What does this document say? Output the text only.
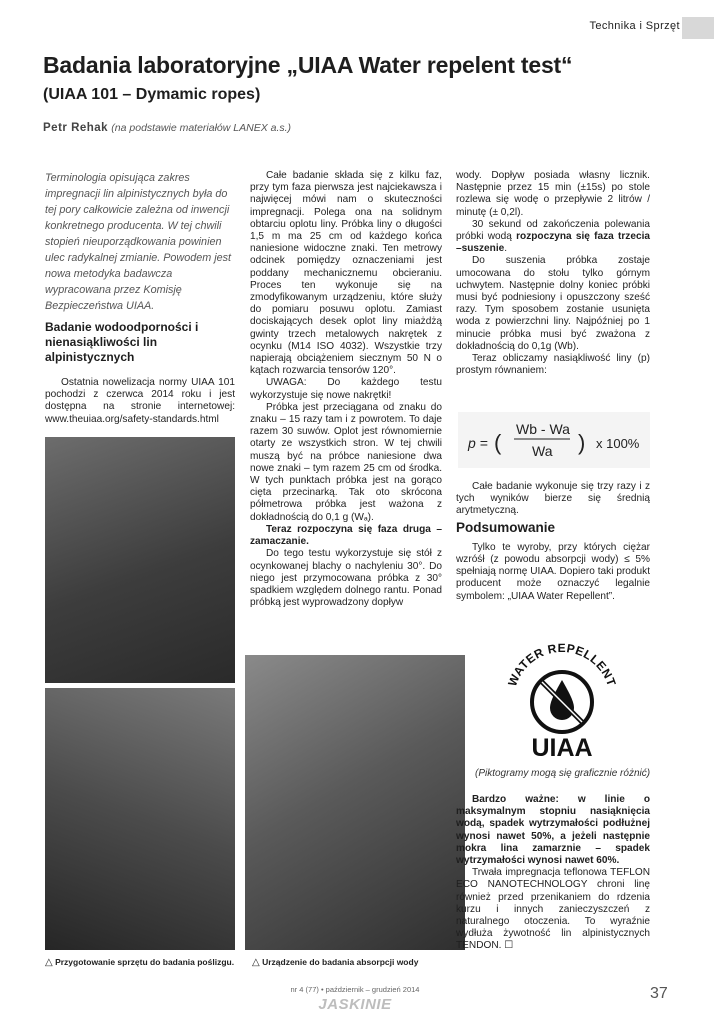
Technika i Sprzęt
Badania laboratoryjne „UIAA Water repelent test“
(UIAA 101 – Dymamic ropes)
Petr Rehak (na podstawie materiałów LANEX a.s.)

Terminologia opisująca zakres impregnacji lin alpinistycznych była do tej pory całkowicie zależna od inwencji konkretnego producenta. W tej chwili stopień nieuporządkowania powinien ulec radykalnej zmianie. Powodem jest nowa metodyka badawcza wypracowana przez Komisję Bezpieczeństwa UIAA.

Badanie wodoodporności i nienasiąkliwości lin alpinistycznych

Ostatnia nowelizacja normy UIAA 101 pochodzi z czerwca 2014 roku i jest dostępna na stronie internetowej: www.theuiaa.org/safety-standards.html

△ Przygotowanie sprzętu do badania poślizgu. △ Urządzenie do badania absorpcji wody

Całe badanie składa się z kilku faz, przy tym faza pierwsza jest najciekawsza i najwięcej mówi nam o skuteczności impregnacji. Polega ona na solidnym obtarciu oplotu liny. Próbka liny o długości 1,5 m ma 25 cm od każdego końca naniesione widoczne znaki. Ten metrowy odcinek pomiędzy oznaczeniami jest poddany mechanicznemu obcieraniu. Proces ten wykonuje się na zmodyfikowanym urządzeniu, które służy do pomiaru posuwu oplotu. Zamiast dociskających desek oplot liny miażdżą gwinty trzech metalowych nakrętek z ocynku (M14 ISO 4032). Wszystkie trzy napierają obciążeniem siecznym 50 N o kątach rozwarcia tensorów 120°.

UWAGA: Do każdego testu wykorzystuje się nowe nakrętki!

Próbka jest przeciągana od znaku do znaku – 15 razy tam i z powrotem. To daje razem 30 suwów. Oplot jest równomiernie otarty ze wszystkich stron. W tej chwili muszą być na próbce naniesione dwa nowe znaki – tym razem 25 cm od środka. W tych punktach próbka jest na gorąco cięta przecinarką. Tak oto skrócona półmetrowa próbka jest ważona z dokładnością do 0,1 g (Wₐ).

Teraz rozpoczyna się faza druga – zamaczanie.

Do tego testu wykorzystuje się stół z ocynkowanej blachy o nachyleniu 30°. Do niego jest przymocowana próbka z 30° spadkiem względem dolnego rantu. Ponad próbką jest wyprowadzony dopływ

wody. Dopływ posiada własny licznik. Następnie przez 15 min (±15s) po stole rozlewa się wodę o przepływie 2 litrów / minutę (± 0,2l).

30 sekund od zakończenia polewania próbki wodą rozpoczyna się faza trzecia –suszenie.

Do suszenia próbka zostaje umocowana do stołu tylko górnym uchwytem. Następnie dolny koniec próbki musi być podniesiony i opuszczony sześć razy. Tym sposobem zostanie usunięta woda z powierzchni liny. Najpóźniej po 1 minucie próbka musi być zważona z dokładnością do 0,1g (Wb).

Teraz obliczamy nasiąkliwość liny (p) prostym równaniem:

p = (
Wb - Wa
Wa ) x 100%

Całe badanie wykonuje się trzy razy i z tych wyników bierze się średnią arytmetyczną.

Podsumowanie

Tylko te wyroby, przy których ciężar wzróśł (z powodu absorpcji wody) ≤ 5% spełniają normę UIAA. Dopiero taki produkt producent może oznaczyć legalnie symbolem: „UIAA Water Repellent”.

WATER REPELLENT
UIAA
(Piktogramy mogą się graficznie różnić)

Bardzo ważne: w linie o maksymalnym stopniu nasiąknięcia wodą, spadek wytrzymałości podłużnej wynosi nawet 50%, a jeżeli następnie mokra lina zamarznie – spadek wytrzymałości wynosi nawet 60%.

Trwała impregnacja teflonowa TEFLON ECO NANOTECHNOLOGY chroni linę również przed przenikaniem do rdzenia kurzu i innych zanieczyszczeń z naturalnego otoczenia. To wyraźnie wydłuża żywotność lin alpinistycznych TENDON. ☐

nr 4 (77) • październik – grudzień 2014
JASKINIE
37
